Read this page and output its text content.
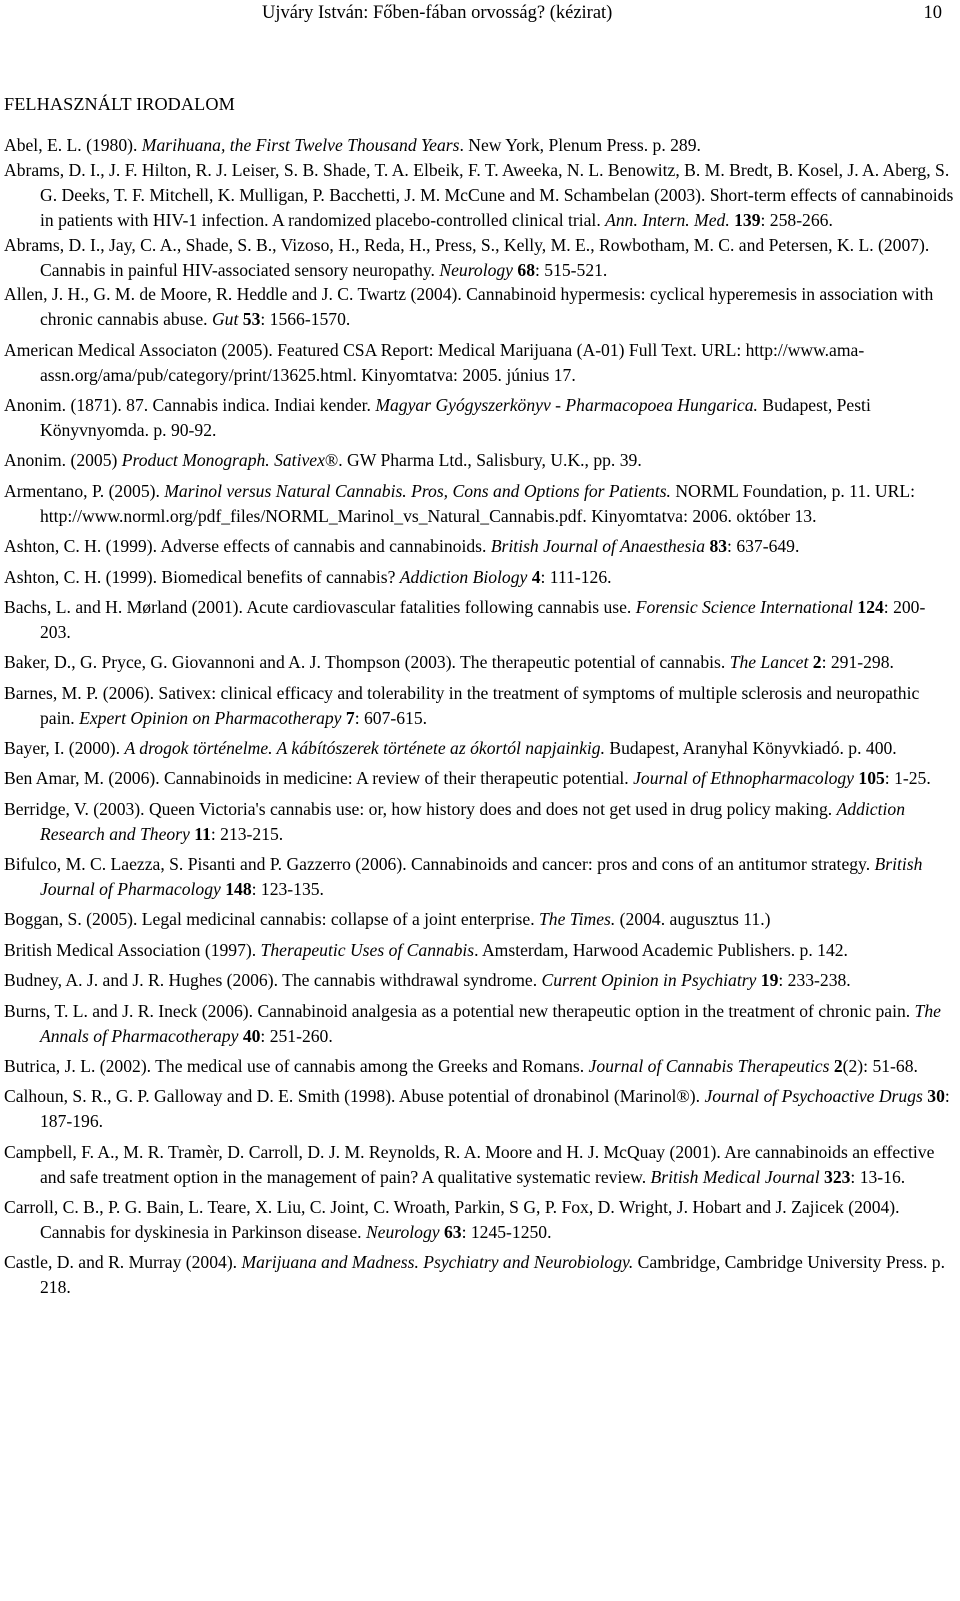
Ujváry István: Főben-fában orvosság? (kézirat)	10
FELHASZNÁLT IRODALOM
Abel, E. L. (1980). Marihuana, the First Twelve Thousand Years. New York, Plenum Press. p. 289.
Abrams, D. I., J. F. Hilton, R. J. Leiser, S. B. Shade, T. A. Elbeik, F. T. Aweeka, N. L. Benowitz, B. M. Bredt, B. Kosel, J. A. Aberg, S. G. Deeks, T. F. Mitchell, K. Mulligan, P. Bacchetti, J. M. McCune and M. Schambelan (2003). Short-term effects of cannabinoids in patients with HIV-1 infection. A randomized placebo-controlled clinical trial. Ann. Intern. Med. 139: 258-266.
Abrams, D. I., Jay, C. A., Shade, S. B., Vizoso, H., Reda, H., Press, S., Kelly, M. E., Rowbotham, M. C. and Petersen, K. L. (2007). Cannabis in painful HIV-associated sensory neuropathy. Neurology 68: 515-521.
Allen, J. H., G. M. de Moore, R. Heddle and J. C. Twartz (2004). Cannabinoid hypermesis: cyclical hyperemesis in association with chronic cannabis abuse. Gut 53: 1566-1570.
American Medical Associaton (2005). Featured CSA Report: Medical Marijuana (A-01) Full Text. URL: http://www.ama-assn.org/ama/pub/category/print/13625.html. Kinyomtatva: 2005. június 17.
Anonim. (1871). 87. Cannabis indica. Indiai kender. Magyar Gyógyszerkönyv - Pharmacopoea Hungarica. Budapest, Pesti Könyvnyomda. p. 90-92.
Anonim. (2005) Product Monograph. Sativex®. GW Pharma Ltd., Salisbury, U.K., pp. 39.
Armentano, P. (2005). Marinol versus Natural Cannabis. Pros, Cons and Options for Patients. NORML Foundation, p. 11. URL: http://www.norml.org/pdf_files/NORML_Marinol_vs_Natural_Cannabis.pdf. Kinyomtatva: 2006. október 13.
Ashton, C. H. (1999). Adverse effects of cannabis and cannabinoids. British Journal of Anaesthesia 83: 637-649.
Ashton, C. H. (1999). Biomedical benefits of cannabis? Addiction Biology 4: 111-126.
Bachs, L. and H. Mørland (2001). Acute cardiovascular fatalities following cannabis use. Forensic Science International 124: 200-203.
Baker, D., G. Pryce, G. Giovannoni and A. J. Thompson (2003). The therapeutic potential of cannabis. The Lancet 2: 291-298.
Barnes, M. P. (2006). Sativex: clinical efficacy and tolerability in the treatment of symptoms of multiple sclerosis and neuropathic pain. Expert Opinion on Pharmacotherapy 7: 607-615.
Bayer, I. (2000). A drogok történelme. A kábítószerek története az ókortól napjainkig. Budapest, Aranyhal Könyvkiadó. p. 400.
Ben Amar, M. (2006). Cannabinoids in medicine: A review of their therapeutic potential. Journal of Ethnopharmacology 105: 1-25.
Berridge, V. (2003). Queen Victoria's cannabis use: or, how history does and does not get used in drug policy making. Addiction Research and Theory 11: 213-215.
Bifulco, M. C. Laezza, S. Pisanti and P. Gazzerro (2006). Cannabinoids and cancer: pros and cons of an antitumor strategy. British Journal of Pharmacology 148: 123-135.
Boggan, S. (2005). Legal medicinal cannabis: collapse of a joint enterprise. The Times. (2004. augusztus 11.)
British Medical Association (1997). Therapeutic Uses of Cannabis. Amsterdam, Harwood Academic Publishers. p. 142.
Budney, A. J. and J. R. Hughes (2006). The cannabis withdrawal syndrome. Current Opinion in Psychiatry 19: 233-238.
Burns, T. L. and J. R. Ineck (2006). Cannabinoid analgesia as a potential new therapeutic option in the treatment of chronic pain. The Annals of Pharmacotherapy 40: 251-260.
Butrica, J. L. (2002). The medical use of cannabis among the Greeks and Romans. Journal of Cannabis Therapeutics 2(2): 51-68.
Calhoun, S. R., G. P. Galloway and D. E. Smith (1998). Abuse potential of dronabinol (Marinol®). Journal of Psychoactive Drugs 30: 187-196.
Campbell, F. A., M. R. Tramèr, D. Carroll, D. J. M. Reynolds, R. A. Moore and H. J. McQuay (2001). Are cannabinoids an effective and safe treatment option in the management of pain? A qualitative systematic review. British Medical Journal 323: 13-16.
Carroll, C. B., P. G. Bain, L. Teare, X. Liu, C. Joint, C. Wroath, Parkin, S G, P. Fox, D. Wright, J. Hobart and J. Zajicek (2004). Cannabis for dyskinesia in Parkinson disease. Neurology 63: 1245-1250.
Castle, D. and R. Murray (2004). Marijuana and Madness. Psychiatry and Neurobiology. Cambridge, Cambridge University Press. p. 218.
